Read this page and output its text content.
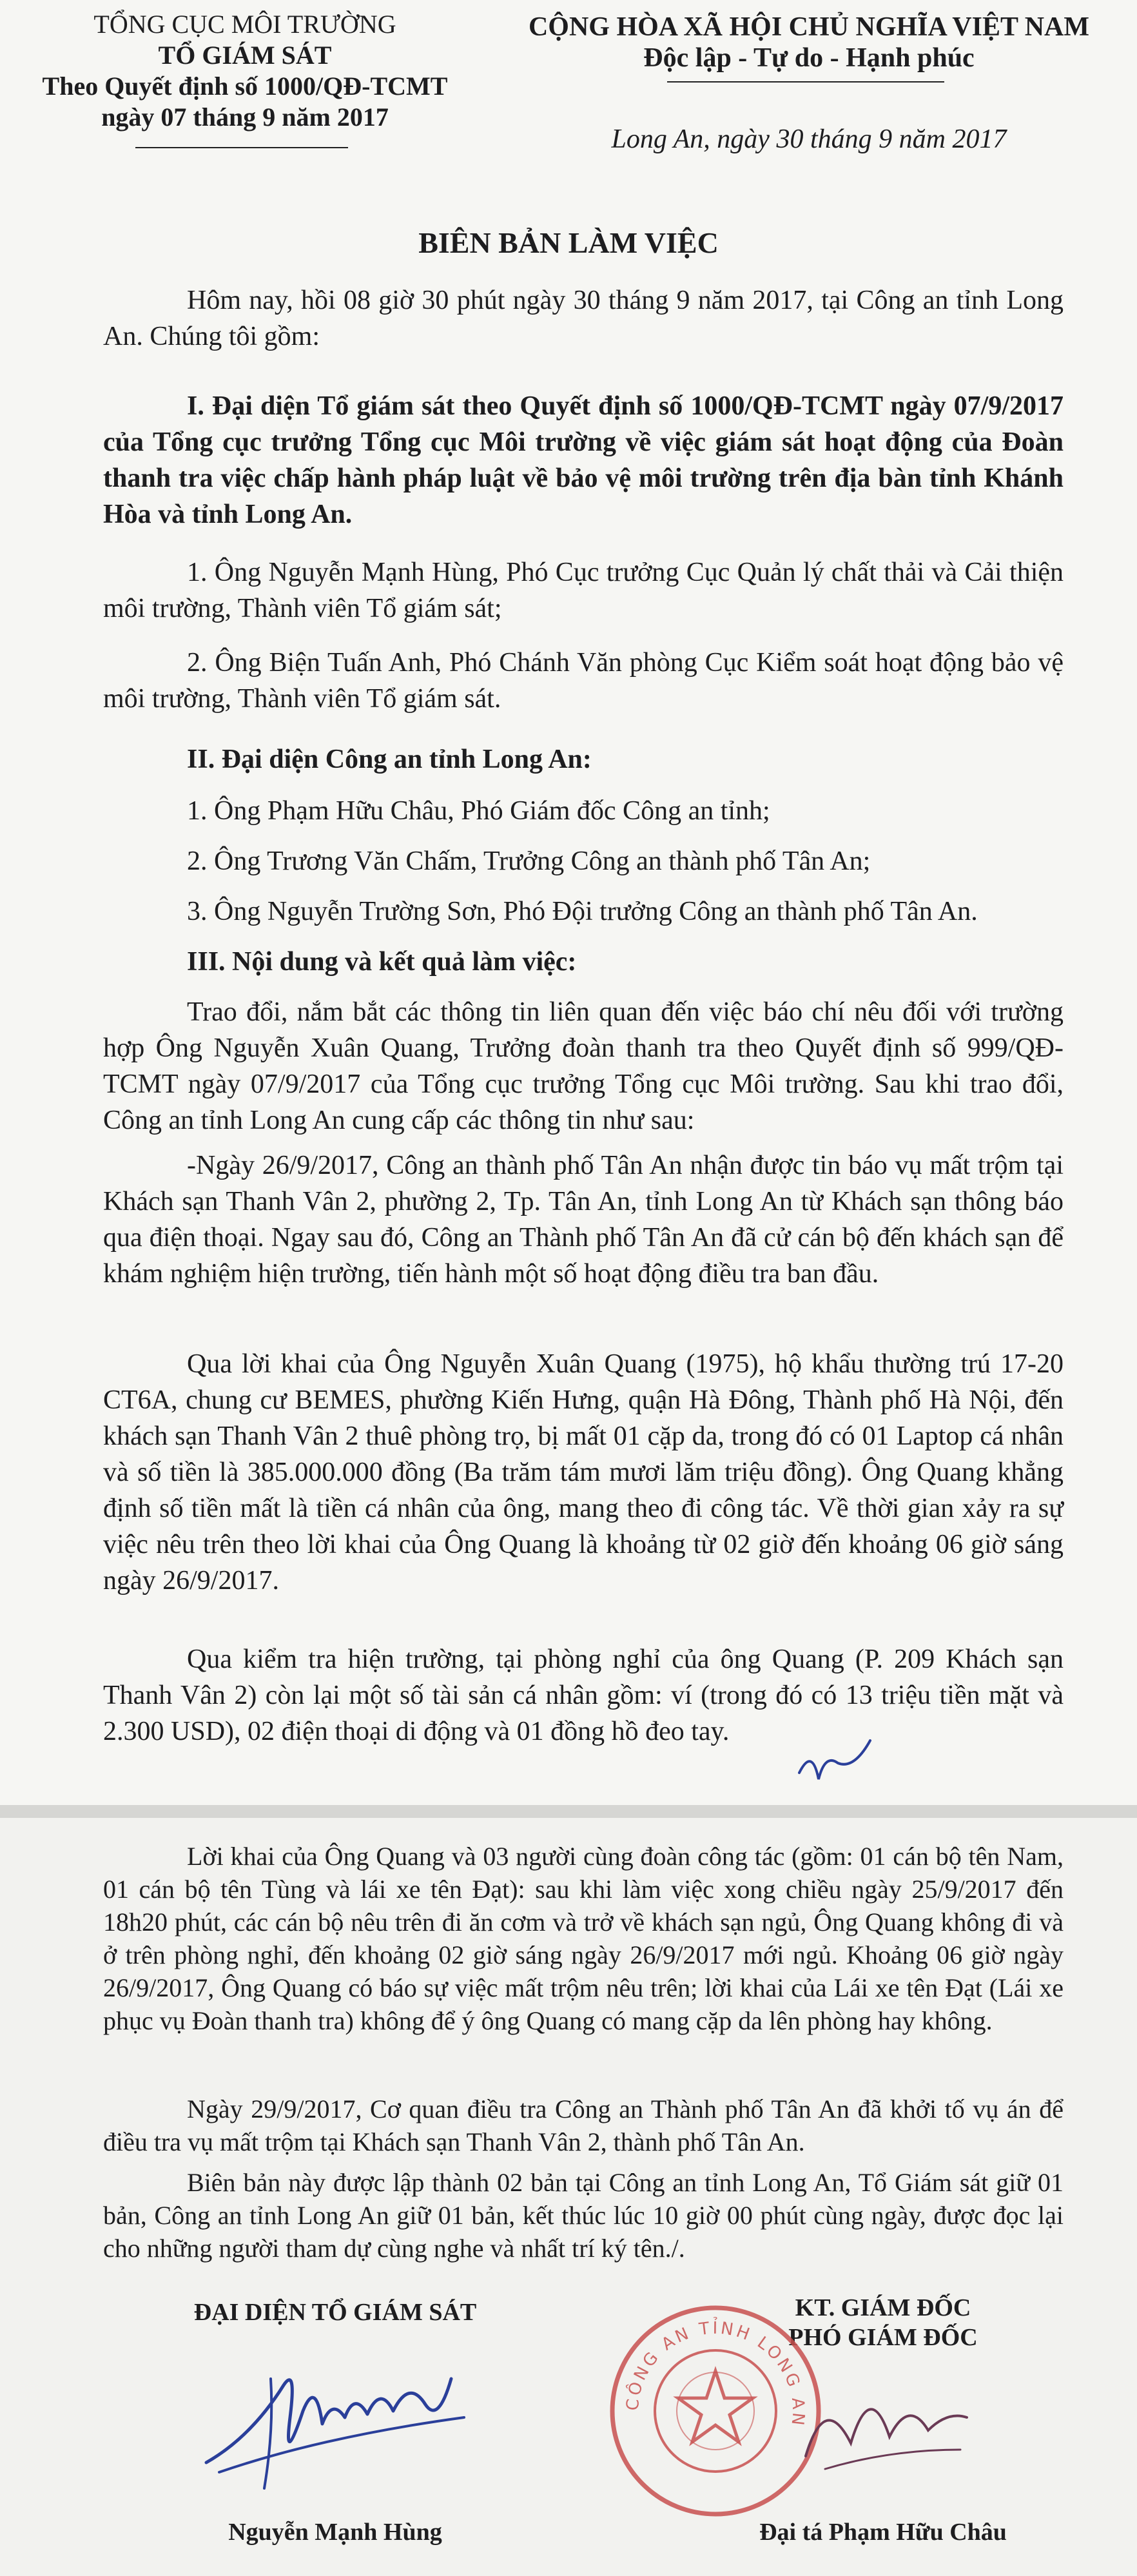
TỔNG CỤC MÔI TRƯỜNG
TỔ GIÁM SÁT
Theo Quyết định số 1000/QĐ-TCMT
ngày 07 tháng 9 năm 2017
CỘNG HÒA XÃ HỘI CHỦ NGHĨA VIỆT NAM
Độc lập - Tự do - Hạnh phúc
Long An, ngày 30 tháng 9 năm 2017
BIÊN BẢN LÀM VIỆC
Hôm nay, hồi 08 giờ 30 phút ngày 30 tháng 9 năm 2017, tại Công an tỉnh Long An. Chúng tôi gồm:
I. Đại diện Tổ giám sát theo Quyết định số 1000/QĐ-TCMT ngày 07/9/2017 của Tổng cục trưởng Tổng cục Môi trường về việc giám sát hoạt động của Đoàn thanh tra việc chấp hành pháp luật về bảo vệ môi trường trên địa bàn tỉnh Khánh Hòa và tỉnh Long An.
1. Ông Nguyễn Mạnh Hùng, Phó Cục trưởng Cục Quản lý chất thải và Cải thiện môi trường, Thành viên Tổ giám sát;
2. Ông Biện Tuấn Anh, Phó Chánh Văn phòng Cục Kiểm soát hoạt động bảo vệ môi trường, Thành viên Tổ giám sát.
II. Đại diện Công an tỉnh Long An:
1. Ông Phạm Hữu Châu, Phó Giám đốc Công an tỉnh;
2. Ông Trương Văn Chấm, Trưởng Công an thành phố Tân An;
3. Ông Nguyễn Trường Sơn, Phó Đội trưởng Công an thành phố Tân An.
III. Nội dung và kết quả làm việc:
Trao đổi, nắm bắt các thông tin liên quan đến việc báo chí nêu đối với trường hợp Ông Nguyễn Xuân Quang, Trưởng đoàn thanh tra theo Quyết định số 999/QĐ-TCMT ngày 07/9/2017 của Tổng cục trưởng Tổng cục Môi trường. Sau khi trao đổi, Công an tỉnh Long An cung cấp các thông tin như sau:
-Ngày 26/9/2017, Công an thành phố Tân An nhận được tin báo vụ mất trộm tại Khách sạn Thanh Vân 2, phường 2, Tp. Tân An, tỉnh Long An từ Khách sạn thông báo qua điện thoại. Ngay sau đó, Công an Thành phố Tân An đã cử cán bộ đến khách sạn để khám nghiệm hiện trường, tiến hành một số hoạt động điều tra ban đầu.
Qua lời khai của Ông Nguyễn Xuân Quang (1975), hộ khẩu thường trú 17-20 CT6A, chung cư BEMES, phường Kiến Hưng, quận Hà Đông, Thành phố Hà Nội, đến khách sạn Thanh Vân 2 thuê phòng trọ, bị mất 01 cặp da, trong đó có 01 Laptop cá nhân và số tiền là 385.000.000 đồng (Ba trăm tám mươi lăm triệu đồng). Ông Quang khẳng định số tiền mất là tiền cá nhân của ông, mang theo đi công tác. Về thời gian xảy ra sự việc nêu trên theo lời khai của Ông Quang là khoảng từ 02 giờ đến khoảng 06 giờ sáng ngày 26/9/2017.
Qua kiểm tra hiện trường, tại phòng nghỉ của ông Quang (P. 209 Khách sạn Thanh Vân 2) còn lại một số tài sản cá nhân gồm: ví (trong đó có 13 triệu tiền mặt và 2.300 USD), 02 điện thoại di động và 01 đồng hồ đeo tay.
Lời khai của Ông Quang và 03 người cùng đoàn công tác (gồm: 01 cán bộ tên Nam, 01 cán bộ tên Tùng và lái xe tên Đạt): sau khi làm việc xong chiều ngày 25/9/2017 đến 18h20 phút, các cán bộ nêu trên đi ăn cơm và trở về khách sạn ngủ, Ông Quang không đi và ở trên phòng nghỉ, đến khoảng 02 giờ sáng ngày 26/9/2017 mới ngủ. Khoảng 06 giờ ngày 26/9/2017, Ông Quang có báo sự việc mất trộm nêu trên; lời khai của Lái xe tên Đạt (Lái xe phục vụ Đoàn thanh tra) không để ý ông Quang có mang cặp da lên phòng hay không.
Ngày 29/9/2017, Cơ quan điều tra Công an Thành phố Tân An đã khởi tố vụ án để điều tra vụ mất trộm tại Khách sạn Thanh Vân 2, thành phố Tân An.
Biên bản này được lập thành 02 bản tại Công an tỉnh Long An, Tổ Giám sát giữ 01 bản, Công an tỉnh Long An giữ 01 bản, kết thúc lúc 10 giờ 00 phút cùng ngày, được đọc lại cho những người tham dự cùng nghe và nhất trí ký tên./.
ĐẠI DIỆN TỔ GIÁM SÁT
Nguyễn Mạnh Hùng
KT. GIÁM ĐỐC
PHÓ GIÁM ĐỐC
CÔNG AN TỈNH LONG AN
Đại tá Phạm Hữu Châu
